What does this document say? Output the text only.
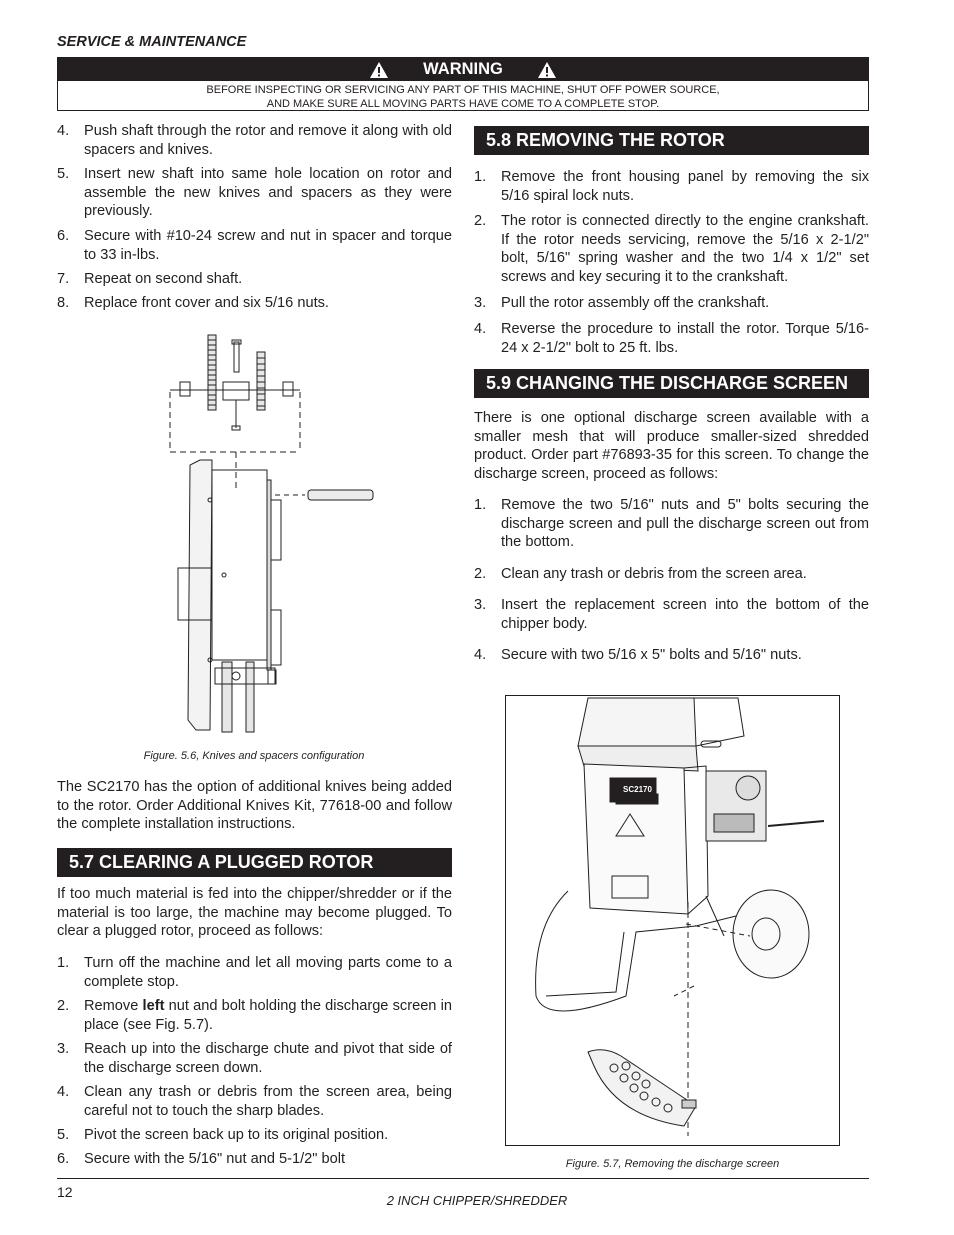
SERVICE & MAINTENANCE
WARNING
BEFORE INSPECTING OR SERVICING ANY PART OF THIS MACHINE, SHUT OFF POWER SOURCE,
AND MAKE SURE ALL MOVING PARTS HAVE COME TO A COMPLETE STOP.
4.	Push shaft through the rotor and remove it along with old spacers and knives.
5.	Insert new shaft into same hole location on rotor and assemble the new knives and spacers as they were previously.
6.	Secure with #10-24 screw and nut in spacer and torque to 33 in-lbs.
7.	Repeat on second shaft.
8.	Replace front cover and six 5/16 nuts.
Figure. 5.6, Knives and spacers configuration
The SC2170 has the option of additional knives being added to the rotor. Order Additional Knives Kit, 77618-00 and follow the complete installation instructions.
5.7 CLEARING A PLUGGED ROTOR
If too much material is fed into the chipper/shredder or if the material is too large, the machine may become plugged. To clear a plugged rotor, proceed as follows:
1.	Turn off the machine and let all moving parts come to a complete stop.
2.	Remove left nut and bolt holding the discharge screen in place (see Fig. 5.7).
3.	Reach up into the discharge chute and pivot that side of the discharge screen down.
4.	Clean any trash or debris from the screen area, being careful not to touch the sharp blades.
5.	Pivot the screen back up to its original position.
6.	Secure with the 5/16" nut and 5-1/2" bolt
5.8 REMOVING THE ROTOR
1.	Remove the front housing panel by removing the six 5/16 spiral lock nuts.
2.	The rotor is connected directly to the engine crankshaft. If the rotor needs servicing, remove the 5/16 x 2-1/2" bolt, 5/16" spring washer and the two 1/4 x 1/2" set screws and key securing it to the crankshaft.
3.	Pull the rotor assembly off the crankshaft.
4.	Reverse the procedure to install the rotor. Torque 5/16-24 x 2-1/2" bolt to 25 ft. lbs.
5.9 CHANGING THE DISCHARGE SCREEN
There is one optional discharge screen available with a smaller mesh that will produce smaller-sized shredded product. Order part #76893-35 for this screen. To change the discharge screen, proceed as follows:
1.	Remove the two 5/16" nuts and 5" bolts securing the discharge screen and pull the discharge screen out from the bottom.
2.	Clean any trash or debris from the screen area.
3.	Insert the replacement screen into the bottom of the chipper body.
4.	Secure with two 5/16 x 5" bolts and 5/16" nuts.
SC2170
Figure. 5.7, Removing the discharge screen
12
2 INCH CHIPPER/SHREDDER
